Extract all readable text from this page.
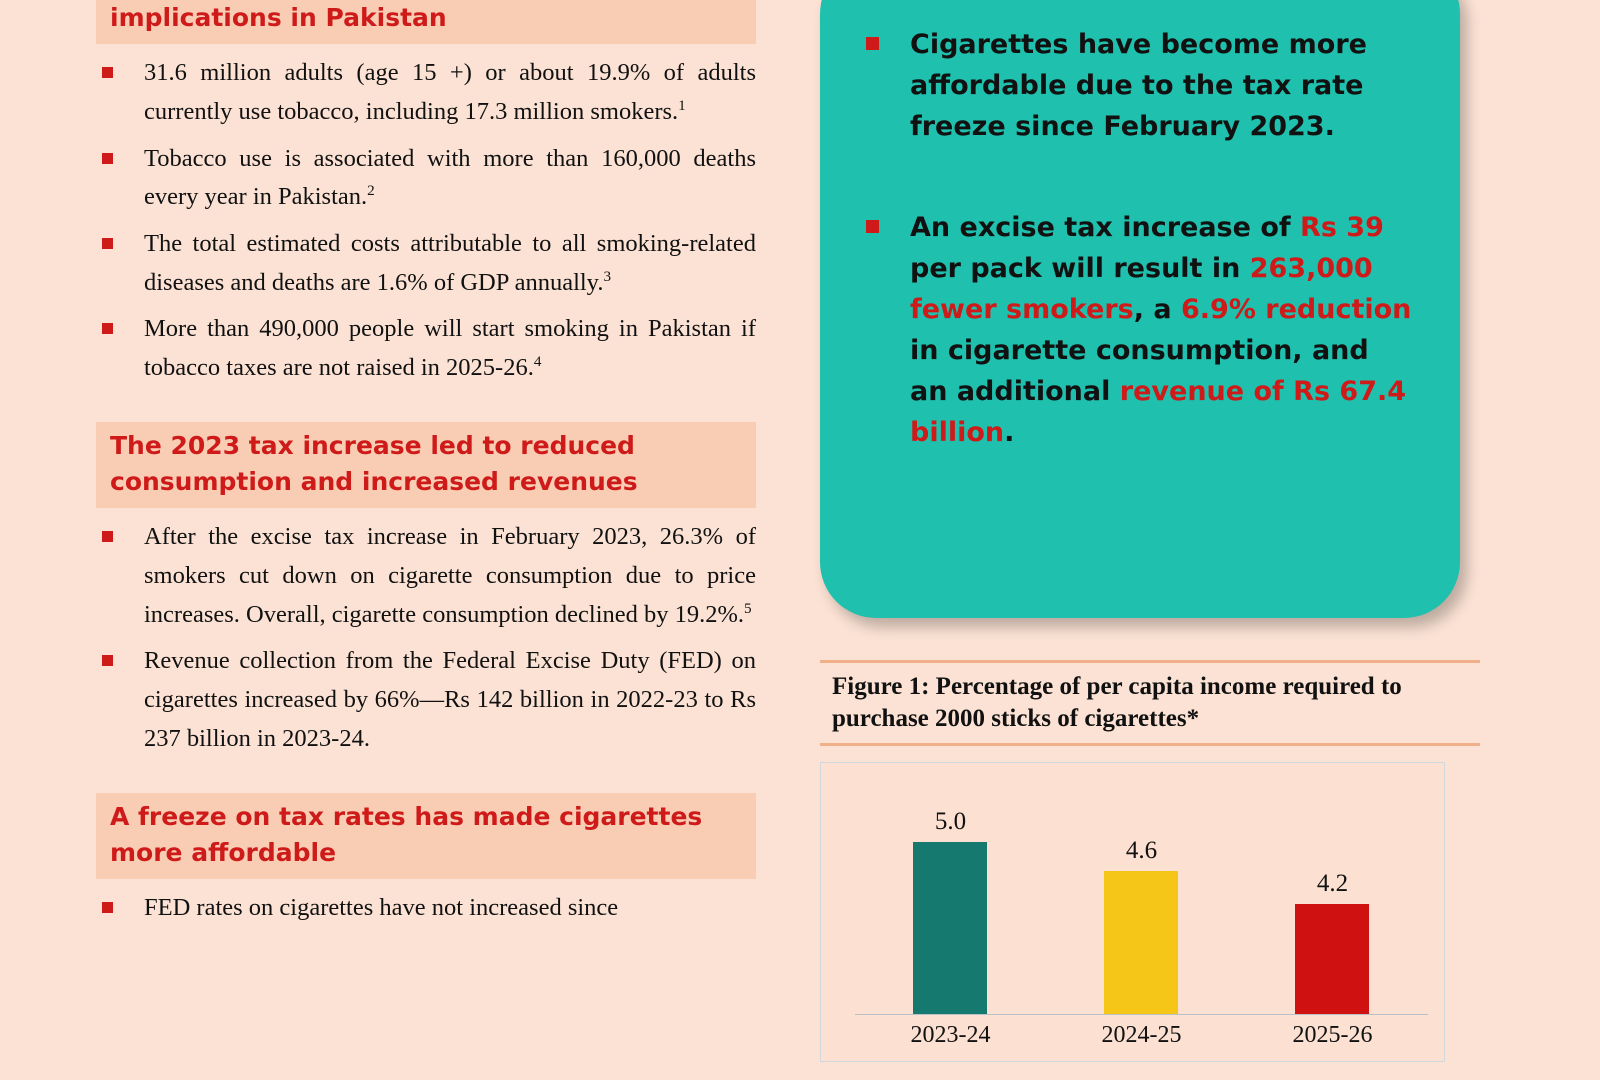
implications in Pakistan
31.6 million adults (age 15 +) or about 19.9% of adults currently use tobacco, including 17.3 million smokers.$^1$
Tobacco use is associated with more than 160,000 deaths every year in Pakistan.$^2$
The total estimated costs attributable to all smoking-related diseases and deaths are 1.6% of GDP annually.$^3$
More than 490,000 people will start smoking in Pakistan if tobacco taxes are not raised in 2025-26.$^4$
The 2023 tax increase led to reduced consumption and increased revenues
After the excise tax increase in February 2023, 26.3% of smokers cut down on cigarette consumption due to price increases. Overall, cigarette consumption declined by 19.2%.$^5$
Revenue collection from the Federal Excise Duty (FED) on cigarettes increased by 66%—Rs 142 billion in 2022-23 to Rs 237 billion in 2023-24.
A freeze on tax rates has made cigarettes more affordable
FED rates on cigarettes have not increased since
Cigarettes have become more affordable due to the tax rate freeze since February 2023.
An excise tax increase of Rs 39 per pack will result in 263,000 fewer smokers, a 6.9% reduction in cigarette consumption, and an additional revenue of Rs 67.4 billion.
Figure 1: Percentage of per capita income required to purchase 2000 sticks of cigarettes*
5.0
4.6
4.2
2023-24	2024-25	2025-26
